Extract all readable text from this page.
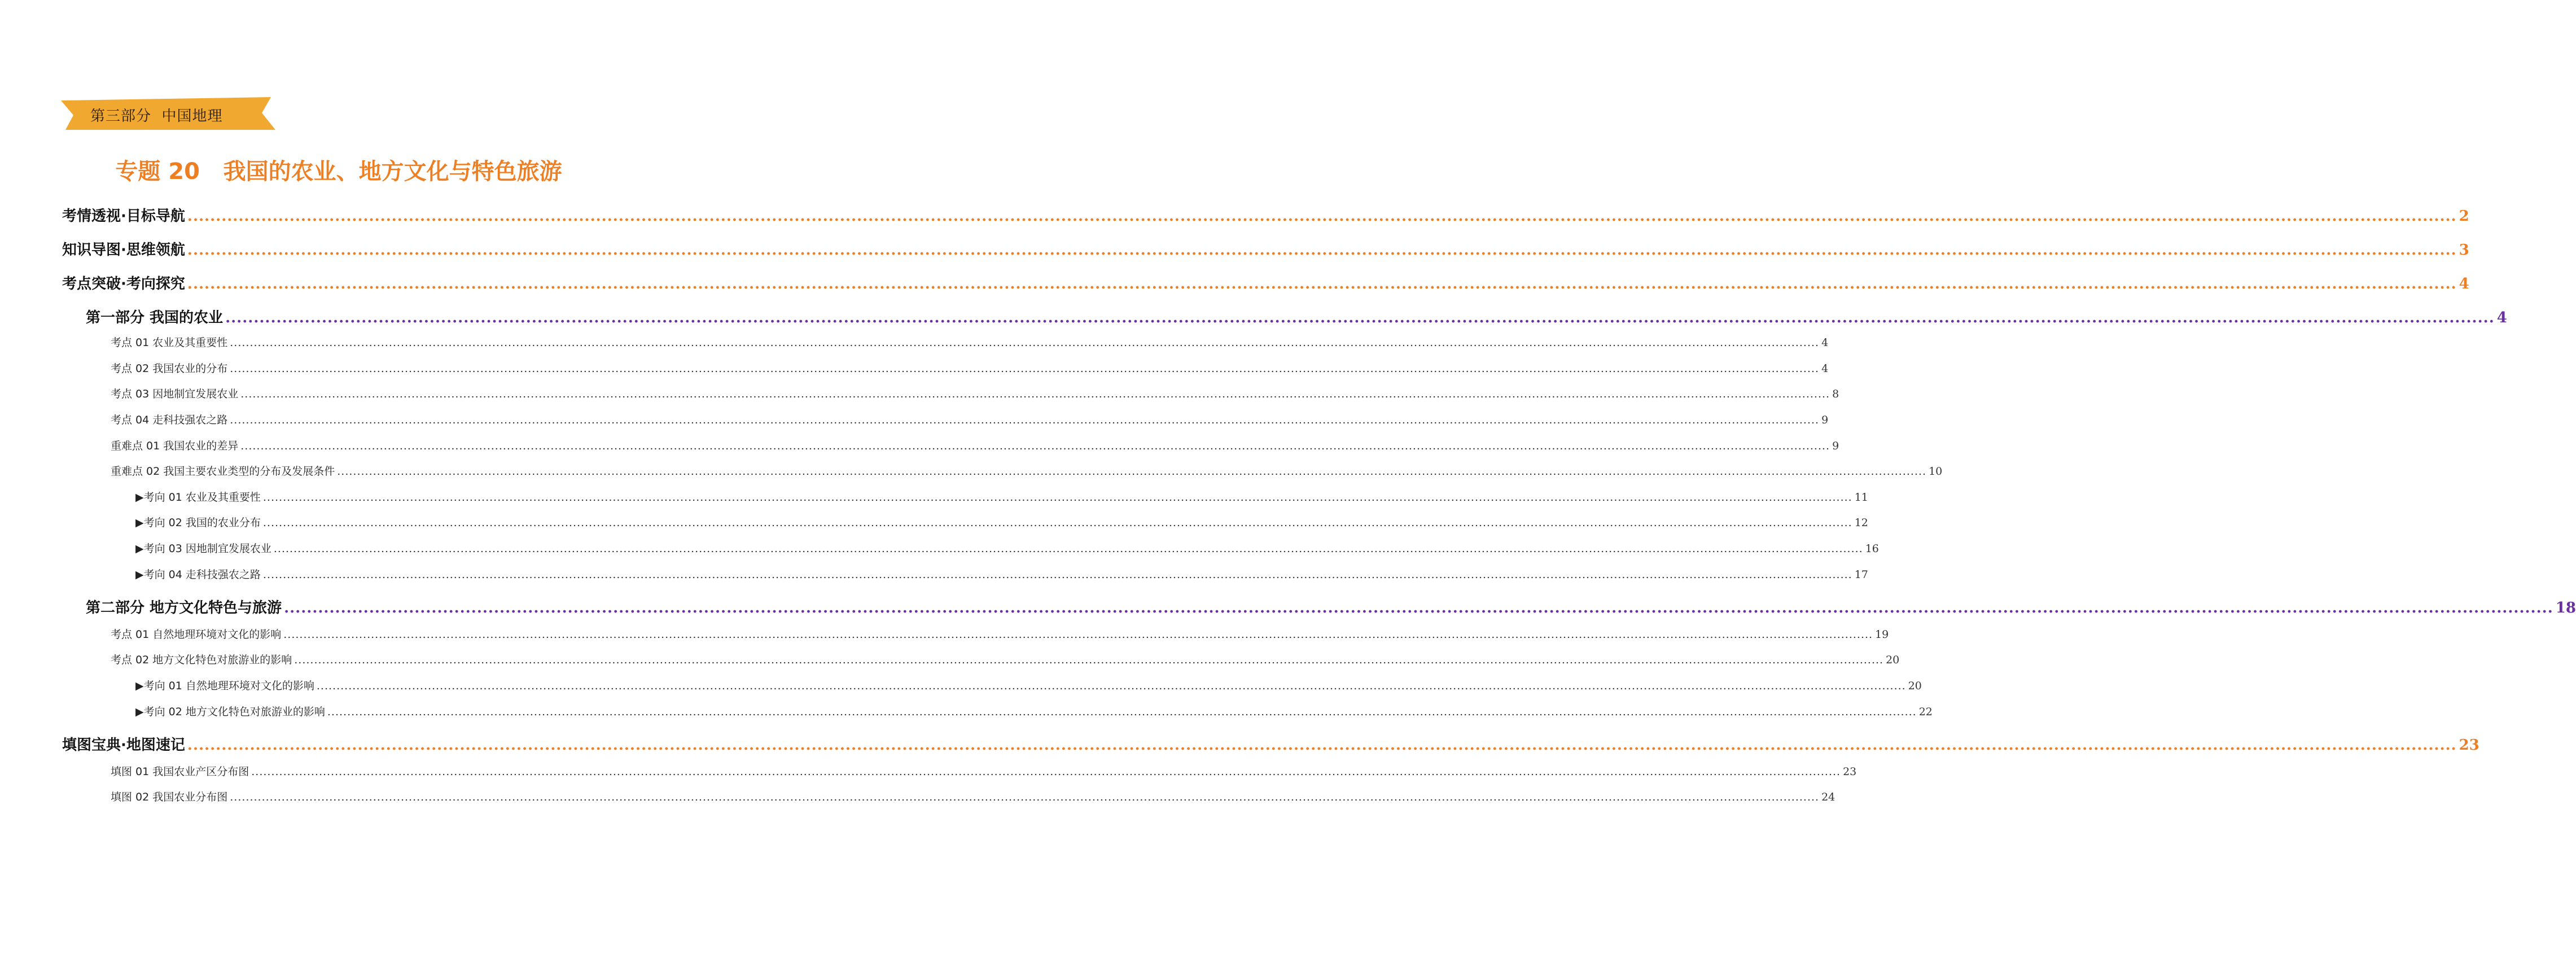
第三部分  中国地理
专题 20   我国的农业、地方文化与特色旅游
考情透视·目标导航 ................................................................................................................................................................................................................................................................................................................................................................................................................ 2
知识导图·思维领航 ................................................................................................................................................................................................................................................................................................................................................................................................................ 3
考点突破·考向探究 ................................................................................................................................................................................................................................................................................................................................................................................................................ 4
第一部分 我国的农业 ................................................................................................................................................................................................................................................................................................................................................................................................................ 4
考点 01 农业及其重要性 ................................................................................................................................................................................................................................................................................................................................................................................................................ 4
考点 02 我国农业的分布 ................................................................................................................................................................................................................................................................................................................................................................................................................ 4
考点 03 因地制宜发展农业 ................................................................................................................................................................................................................................................................................................................................................................................................................ 8
考点 04 走科技强农之路 ................................................................................................................................................................................................................................................................................................................................................................................................................ 9
重难点 01 我国农业的差异 ................................................................................................................................................................................................................................................................................................................................................................................................................ 9
重难点 02 我国主要农业类型的分布及发展条件 ................................................................................................................................................................................................................................................................................................................................................................................................................ 10
▶考向 01 农业及其重要性 ................................................................................................................................................................................................................................................................................................................................................................................................................ 11
▶考向 02 我国的农业分布 ................................................................................................................................................................................................................................................................................................................................................................................................................ 12
▶考向 03 因地制宜发展农业 ................................................................................................................................................................................................................................................................................................................................................................................................................ 16
▶考向 04 走科技强农之路 ................................................................................................................................................................................................................................................................................................................................................................................................................ 17
第二部分 地方文化特色与旅游 ................................................................................................................................................................................................................................................................................................................................................................................................................ 18
考点 01 自然地理环境对文化的影响 ................................................................................................................................................................................................................................................................................................................................................................................................................ 19
考点 02 地方文化特色对旅游业的影响 ................................................................................................................................................................................................................................................................................................................................................................................................................ 20
▶考向 01 自然地理环境对文化的影响 ................................................................................................................................................................................................................................................................................................................................................................................................................ 20
▶考向 02 地方文化特色对旅游业的影响 ................................................................................................................................................................................................................................................................................................................................................................................................................ 22
填图宝典·地图速记 ................................................................................................................................................................................................................................................................................................................................................................................................................ 23
填图 01 我国农业产区分布图 ................................................................................................................................................................................................................................................................................................................................................................................................................ 23
填图 02 我国农业分布图 ................................................................................................................................................................................................................................................................................................................................................................................................................ 24
